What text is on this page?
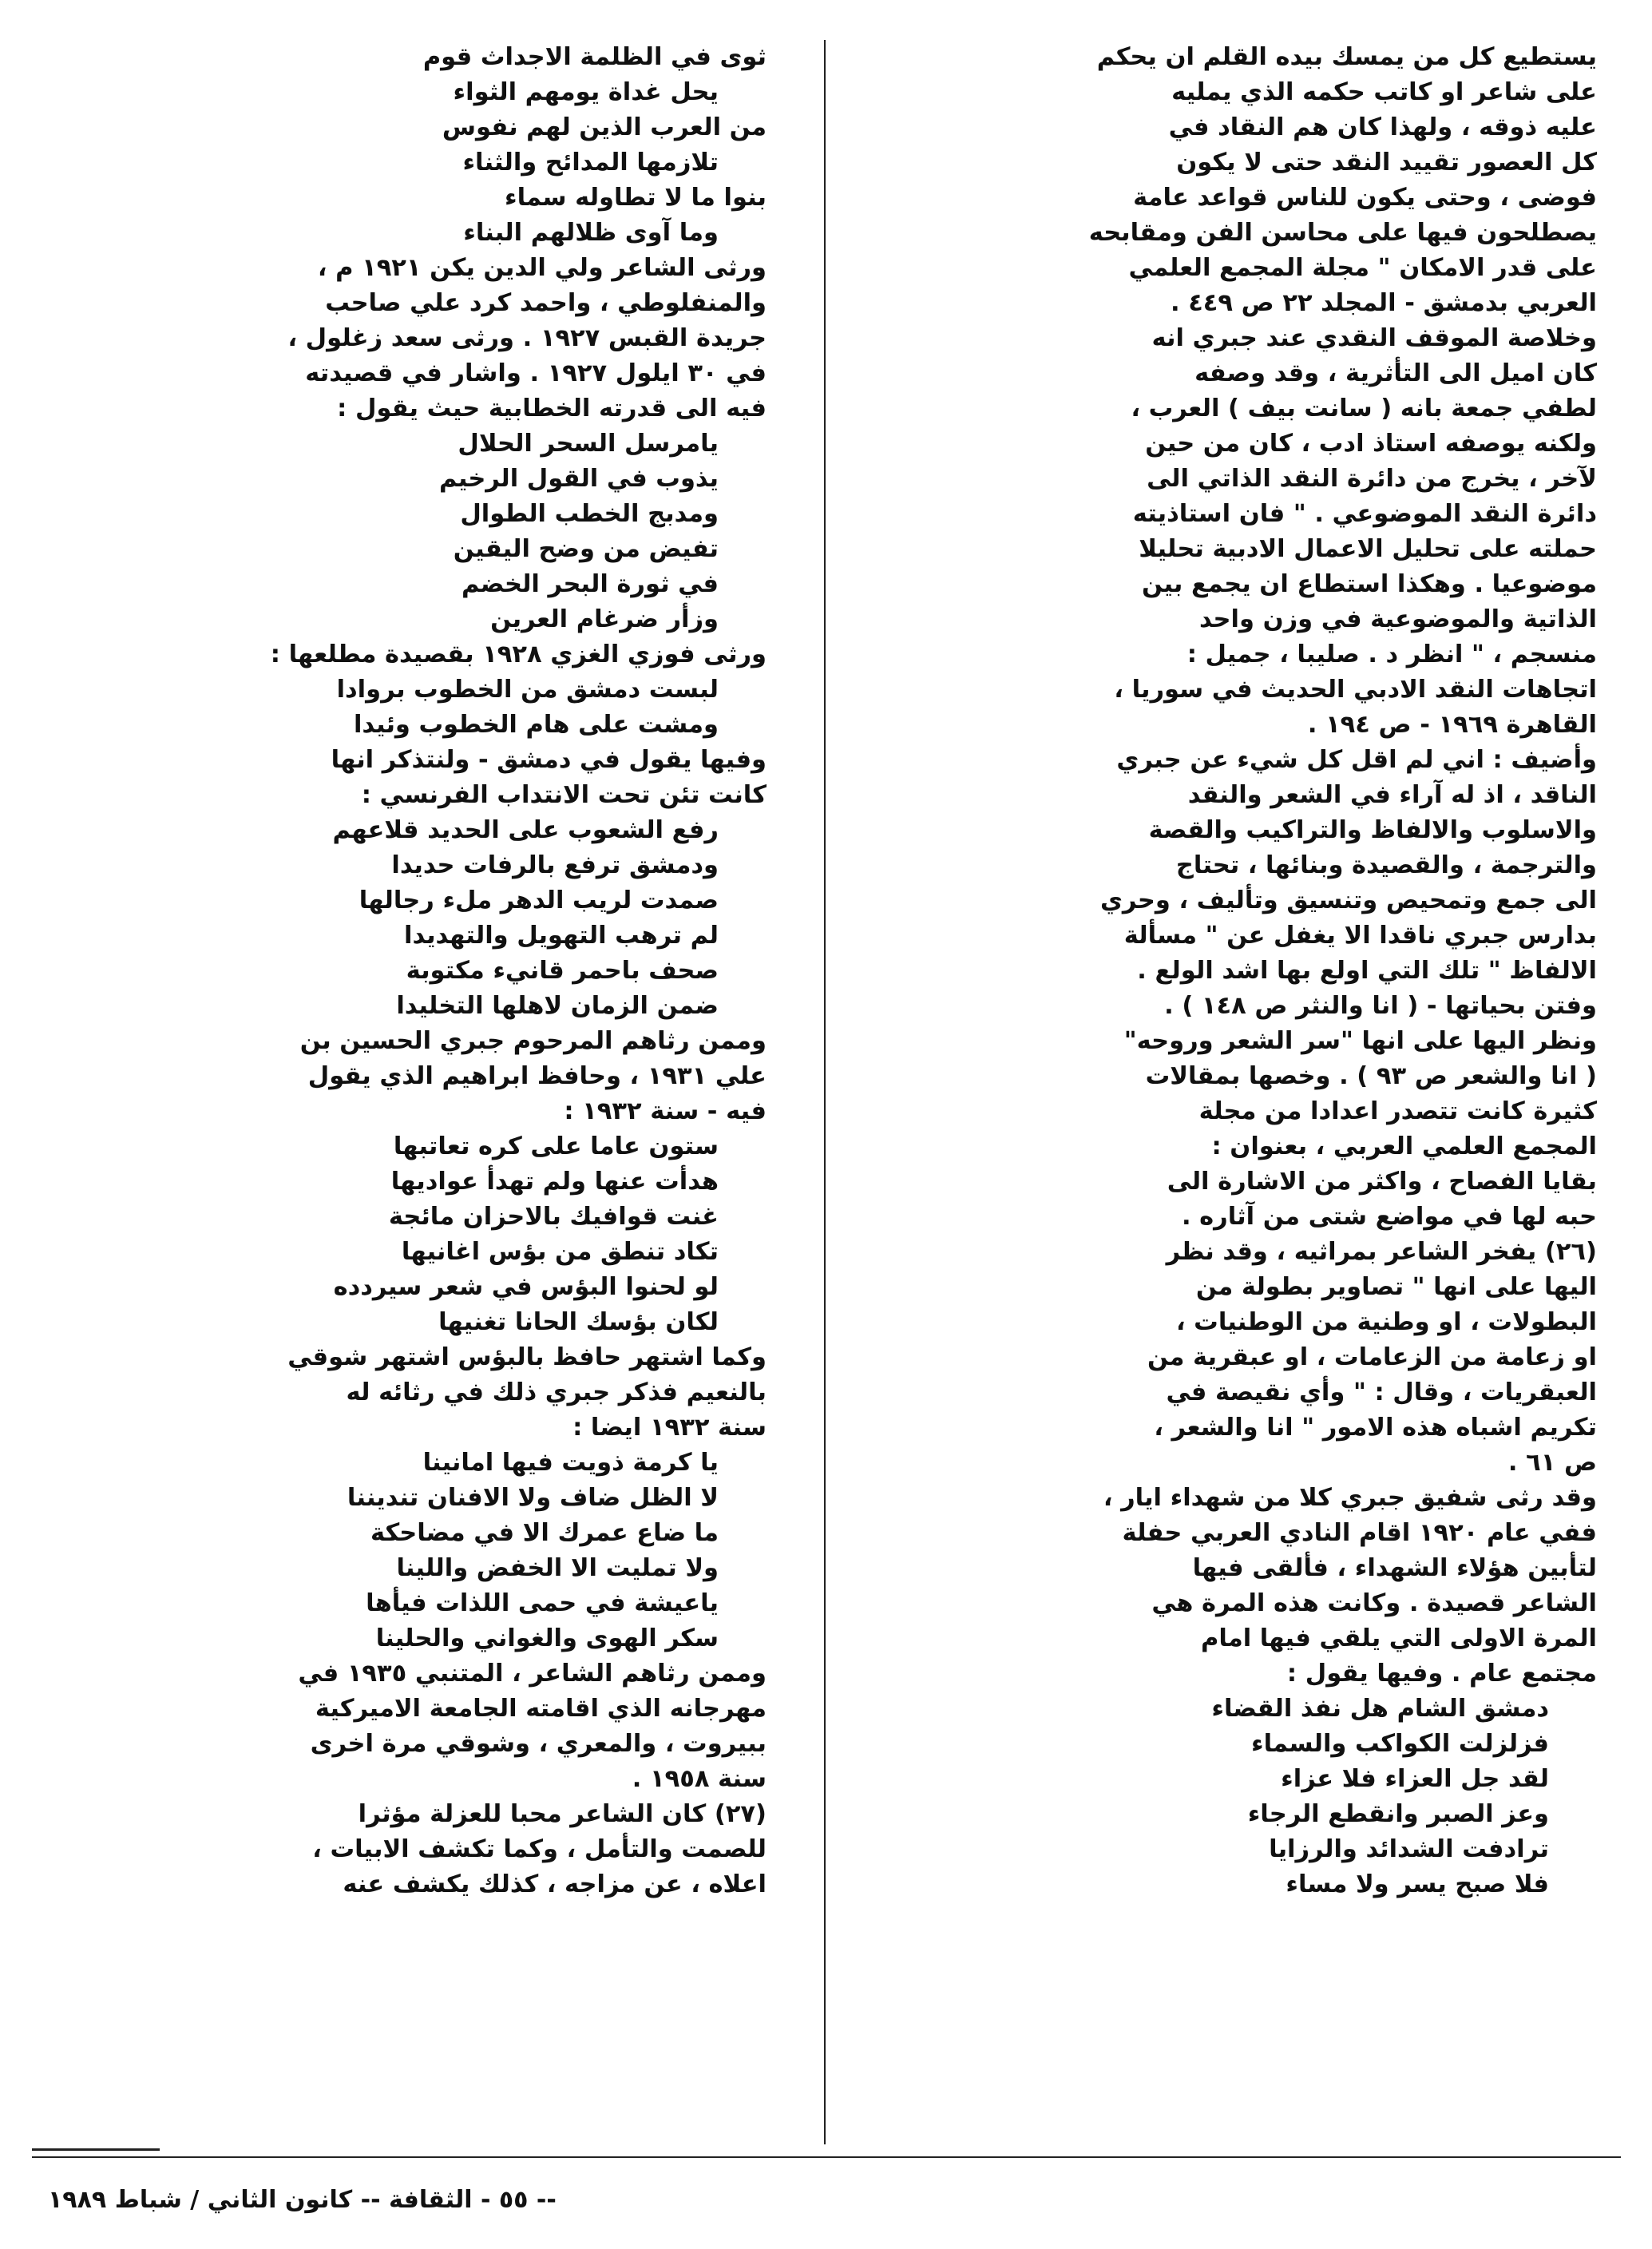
يستطيع كل من يمسك بيده القلم ان يحكم
على شاعر او كاتب حكمه الذي يمليه
عليه ذوقه ، ولهذا كان هم النقاد في
كل العصور تقييد النقد حتى لا يكون
فوضى ، وحتى يكون للناس قواعد عامة
يصطلحون فيها على محاسن الفن ومقابحه
على قدر الامكان " مجلة المجمع العلمي
العربي بدمشق - المجلد ٢٢ ص ٤٤٩ .
وخلاصة الموقف النقدي عند جبري انه
كان اميل الى التأثرية ، وقد وصفه
لطفي جمعة بانه ( سانت بيف ) العرب ،
ولكنه يوصفه استاذ ادب ، كان من حين
لآخر ، يخرج من دائرة النقد الذاتي الى
دائرة النقد الموضوعي . " فان استاذيته
حملته على تحليل الاعمال الادبية تحليلا
موضوعيا . وهكذا استطاع ان يجمع بين
الذاتية والموضوعية في وزن واحد
منسجم ، " انظر د . صليبا ، جميل :
اتجاهات النقد الادبي الحديث في سوريا ،
القاهرة ١٩٦٩ - ص ١٩٤ .
وأضيف : اني لم اقل كل شيء عن جبري
الناقد ، اذ له آراء في الشعر والنقد
والاسلوب والالفاظ والتراكيب والقصة
والترجمة ، والقصيدة وبنائها ، تحتاج
الى جمع وتمحيص وتنسيق وتأليف ، وحري
بدارس جبري ناقدا الا يغفل عن " مسألة
الالفاظ " تلك التي اولع بها اشد الولع .
وفتن بحياتها - ( انا والنثر ص ١٤٨ ) .
ونظر اليها على انها "سر الشعر وروحه"
( انا والشعر ص ٩٣ ) . وخصها بمقالات
كثيرة كانت تتصدر اعدادا من مجلة
المجمع العلمي العربي ، بعنوان :
بقايا الفصاح ، واكثر من الاشارة الى
حبه لها في مواضع شتى من آثاره .
(٢٦) يفخر الشاعر بمراثيه ، وقد نظر
اليها على انها " تصاوير بطولة من
البطولات ، او وطنية من الوطنيات ،
او زعامة من الزعامات ، او عبقرية من
العبقريات ، وقال : " وأي نقيصة في
تكريم اشباه هذه الامور " انا والشعر ،
ص ٦١ .
وقد رثى شفيق جبري كلا من شهداء ايار ،
ففي عام ١٩٢٠ اقام النادي العربي حفلة
لتأبين هؤلاء الشهداء ، فألقى فيها
الشاعر قصيدة . وكانت هذه المرة هي
المرة الاولى التي يلقي فيها امام
مجتمع عام . وفيها يقول :
دمشق الشام هل نفذ القضاء
فزلزلت الكواكب والسماء
لقد جل العزاء فلا عزاء
وعز الصبر وانقطع الرجاء
ترادفت الشدائد والرزايا
فلا صبح يسر ولا مساء
ثوى في الظلمة الاجداث قوم
يحل غداة يومهم الثواء
من العرب الذين لهم نفوس
تلازمها المدائح والثناء
بنوا ما لا تطاوله سماء
وما آوى ظلالهم البناء
ورثى الشاعر ولي الدين يكن ١٩٢١ م ،
والمنفلوطي ، واحمد كرد علي صاحب
جريدة القبس ١٩٢٧ . ورثى سعد زغلول ،
في ٣٠ ايلول ١٩٢٧ . واشار في قصيدته
فيه الى قدرته الخطابية حيث يقول :
يامرسل السحر الحلال
يذوب في القول الرخيم
ومدبج الخطب الطوال
تفيض من وضح اليقين
في ثورة البحر الخضم
وزأر ضرغام العرين
ورثى فوزي الغزي ١٩٢٨ بقصيدة مطلعها :
لبست دمشق من الخطوب بروادا
ومشت على هام الخطوب وئيدا
وفيها يقول في دمشق - ولنتذكر انها
كانت تئن تحت الانتداب الفرنسي :
رفع الشعوب على الحديد قلاعهم
ودمشق ترفع بالرفات حديدا
صمدت لريب الدهر ملء رجالها
لم ترهب التهويل والتهديدا
صحف باحمر قانيء مكتوبة
ضمن الزمان لاهلها التخليدا
وممن رثاهم المرحوم جبري الحسين بن
علي ١٩٣١ ، وحافظ ابراهيم الذي يقول
فيه - سنة ١٩٣٢ :
ستون عاما على كره تعاتبها
هدأت عنها ولم تهدأ عواديها
غنت قوافيك بالاحزان مائجة
تكاد تنطق من بؤس اغانيها
لو لحنوا البؤس في شعر سيردده
لكان بؤسك الحانا تغنيها
وكما اشتهر حافظ بالبؤس اشتهر شوقي
بالنعيم فذكر جبري ذلك في رثائه له
سنة ١٩٣٢ ايضا :
يا كرمة ذويت فيها امانينا
لا الظل ضاف ولا الافنان تنديننا
ما ضاع عمرك الا في مضاحكة
ولا تمليت الا الخفض واللينا
ياعيشة في حمى اللذات فيأها
سكر الهوى والغواني والحلينا
وممن رثاهم الشاعر ، المتنبي ١٩٣٥ في
مهرجانه الذي اقامته الجامعة الاميركية
ببيروت ، والمعري ، وشوقي مرة اخرى
سنة ١٩٥٨ .
(٢٧) كان الشاعر محبا للعزلة مؤثرا
للصمت والتأمل ، وكما تكشف الابيات ،
اعلاه ، عن مزاجه ، كذلك يكشف عنه
-- ٥٥ - الثقافة -- كانون الثاني / شباط ١٩٨٩
